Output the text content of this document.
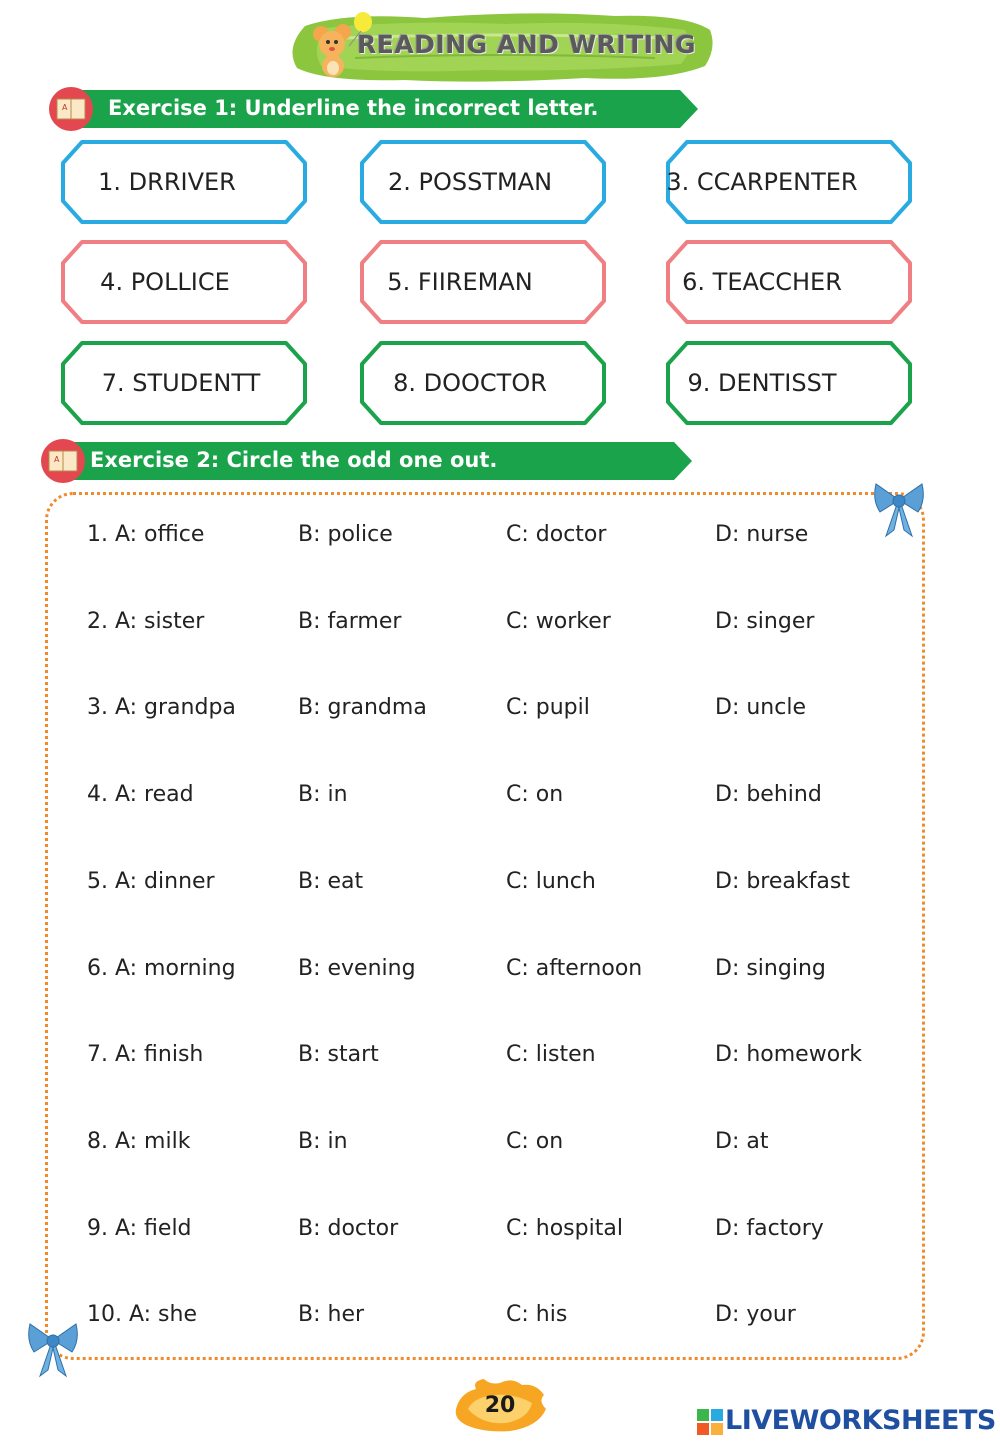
READING AND WRITING
A Exercise 1: Underline the incorrect letter.
1. DRRIVER	2. POSSTMAN	3. CCARPENTER
4. POLLICE	5. FIIREMAN	6. TEACCHER
7. STUDENTT	8. DOOCTOR	9. DENTISST
A Exercise 2: Circle the odd one out.
1. A: office	B: police	C: doctor	D: nurse
2. A: sister	B: farmer	C: worker	D: singer
3. A: grandpa	B: grandma	C: pupil	D: uncle
4. A: read	B: in	C: on	D: behind
5. A: dinner	B: eat	C: lunch	D: breakfast
6. A: morning	B: evening	C: afternoon	D: singing
7. A: finish	B: start	C: listen	D: homework
8. A: milk	B: in	C: on	D: at
9. A: field	B: doctor	C: hospital	D: factory
10. A: she	B: her	C: his	D: your
20	LIVEWORKSHEETS
